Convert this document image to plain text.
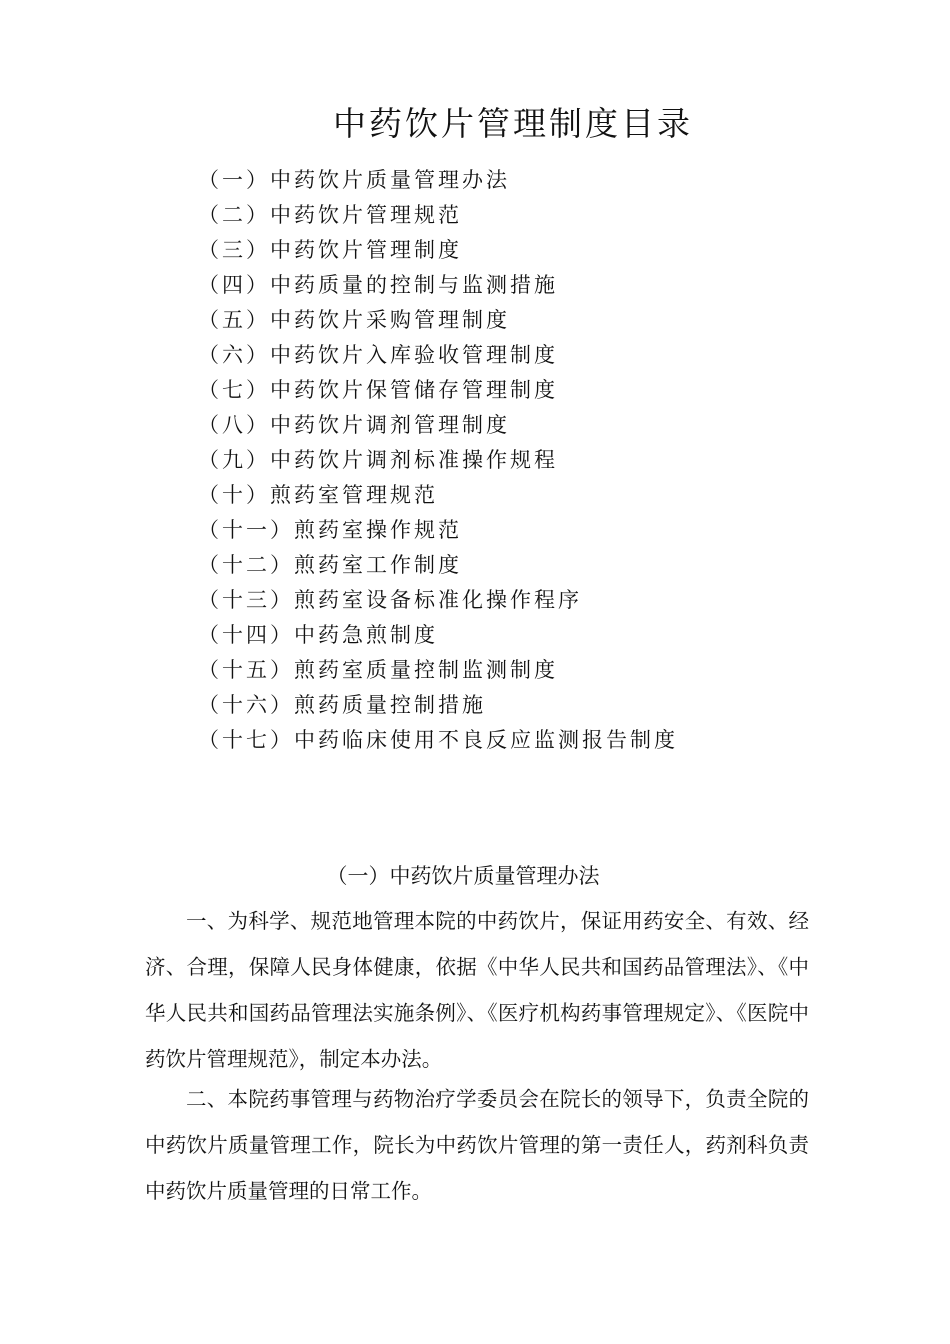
中药饮片管理制度目录
（一）中药饮片质量管理办法
（二）中药饮片管理规范
（三）中药饮片管理制度
（四）中药质量的控制与监测措施
（五）中药饮片采购管理制度
（六）中药饮片入库验收管理制度
（七）中药饮片保管储存管理制度
（八）中药饮片调剂管理制度
（九）中药饮片调剂标准操作规程
（十）煎药室管理规范
（十一）煎药室操作规范
（十二）煎药室工作制度
（十三）煎药室设备标准化操作程序
（十四）中药急煎制度
（十五）煎药室质量控制监测制度
（十六）煎药质量控制措施
（十七）中药临床使用不良反应监测报告制度
（一）中药饮片质量管理办法

一、为科学、规范地管理本院的中药饮片，保证用药安全、有效、经济、合理，保障人民身体健康，依据《中华人民共和国药品管理法》、《中华人民共和国药品管理法实施条例》、《医疗机构药事管理规定》、《医院中药饮片管理规范》，制定本办法。

二、本院药事管理与药物治疗学委员会在院长的领导下，负责全院的中药饮片质量管理工作，院长为中药饮片管理的第一责任人，药剂科负责中药饮片质量管理的日常工作。
